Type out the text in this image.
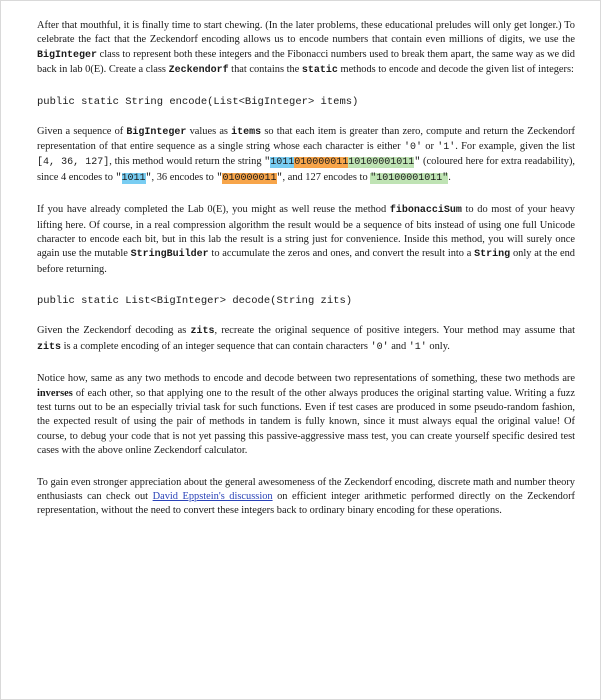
After that mouthful, it is finally time to start chewing. (In the later problems, these educational preludes will only get longer.) To celebrate the fact that the Zeckendorf encoding allows us to encode numbers that contain even millions of digits, we use the BigInteger class to represent both these integers and the Fibonacci numbers used to break them apart, the same way as we did back in lab 0(E). Create a class Zeckendorf that contains the static methods to encode and decode the given list of integers:

public static String encode(List<BigInteger> items)

Given a sequence of BigInteger values as items so that each item is greater than zero, compute and return the Zeckendorf representation of that entire sequence as a single string whose each character is either '0' or '1'. For example, given the list [4, 36, 127], this method would return the string "101101000001110100001011" (coloured here for extra readability), since 4 encodes to "1011", 36 encodes to "010000011", and 127 encodes to "10100001011".

If you have already completed the Lab 0(E), you might as well reuse the method fibonacciSum to do most of your heavy lifting here. Of course, in a real compression algorithm the result would be a sequence of bits instead of using one full Unicode character to encode each bit, but in this lab the result is a string just for convenience. Inside this method, you will surely once again use the mutable StringBuilder to accumulate the zeros and ones, and convert the result into a String only at the end before returning.

public static List<BigInteger> decode(String zits)

Given the Zeckendorf decoding as zits, recreate the original sequence of positive integers. Your method may assume that zits is a complete encoding of an integer sequence that can contain characters '0' and '1' only.

Notice how, same as any two methods to encode and decode between two representations of something, these two methods are inverses of each other, so that applying one to the result of the other always produces the original starting value. Writing a fuzz test turns out to be an especially trivial task for such functions. Even if test cases are produced in some pseudo-random fashion, the expected result of using the pair of methods in tandem is fully known, since it must always equal the original value! Of course, to debug your code that is not yet passing this passive-aggressive mass test, you can create yourself specific desired test cases with the above online Zeckendorf calculator.

To gain even stronger appreciation about the general awesomeness of the Zeckendorf encoding, discrete math and number theory enthusiasts can check out David Eppstein's discussion on efficient integer arithmetic performed directly on the Zeckendorf representation, without the need to convert these integers back to ordinary binary encoding for these operations.
